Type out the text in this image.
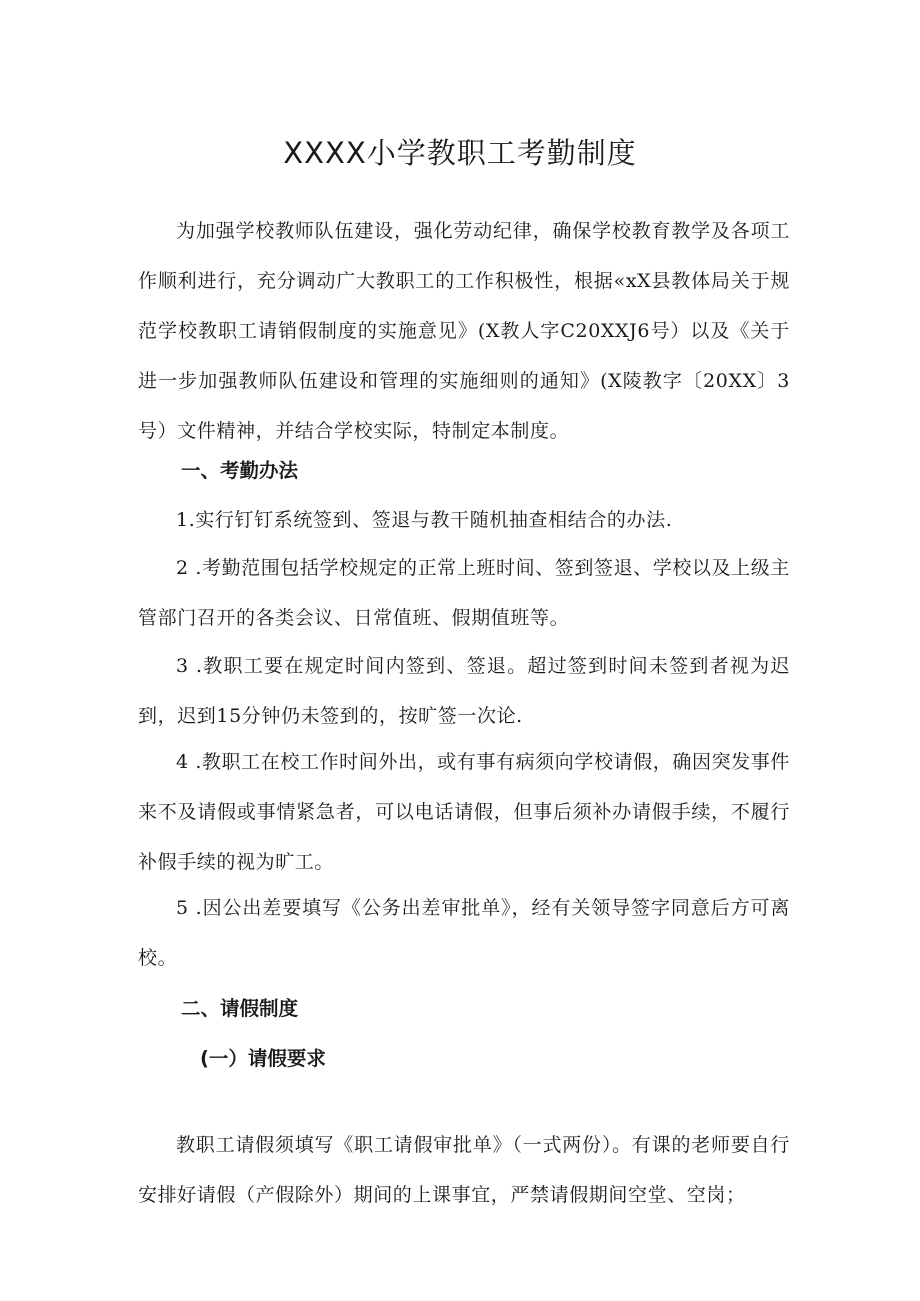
XXXX小学教职工考勤制度

为加强学校教师队伍建设，强化劳动纪律，确保学校教育教学及各项工作顺利进行，充分调动广大教职工的工作积极性，根据«xX县教体局关于规范学校教职工请销假制度的实施意见》(X教人字C20XXJ6号）以及《关于进一步加强教师队伍建设和管理的实施细则的通知》(X陵教字〔20XX〕3号）文件精神，并结合学校实际，特制定本制度。

一、考勤办法

1.实行钉钉系统签到、签退与教干随机抽查相结合的办法.

2 .考勤范围包括学校规定的正常上班时间、签到签退、学校以及上级主管部门召开的各类会议、日常值班、假期值班等。

3 .教职工要在规定时间内签到、签退。超过签到时间未签到者视为迟到，迟到15分钟仍未签到的，按旷签一次论.

4 .教职工在校工作时间外出，或有事有病须向学校请假，确因突发事件来不及请假或事情紧急者，可以电话请假，但事后须补办请假手续，不履行补假手续的视为旷工。

5 .因公出差要填写《公务出差审批单》，经有关领导签字同意后方可离校。

二、请假制度
(一）请假要求

教职工请假须填写《职工请假审批单》（一式两份）。有课的老师要自行安排好请假（产假除外）期间的上课事宜，严禁请假期间空堂、空岗；
